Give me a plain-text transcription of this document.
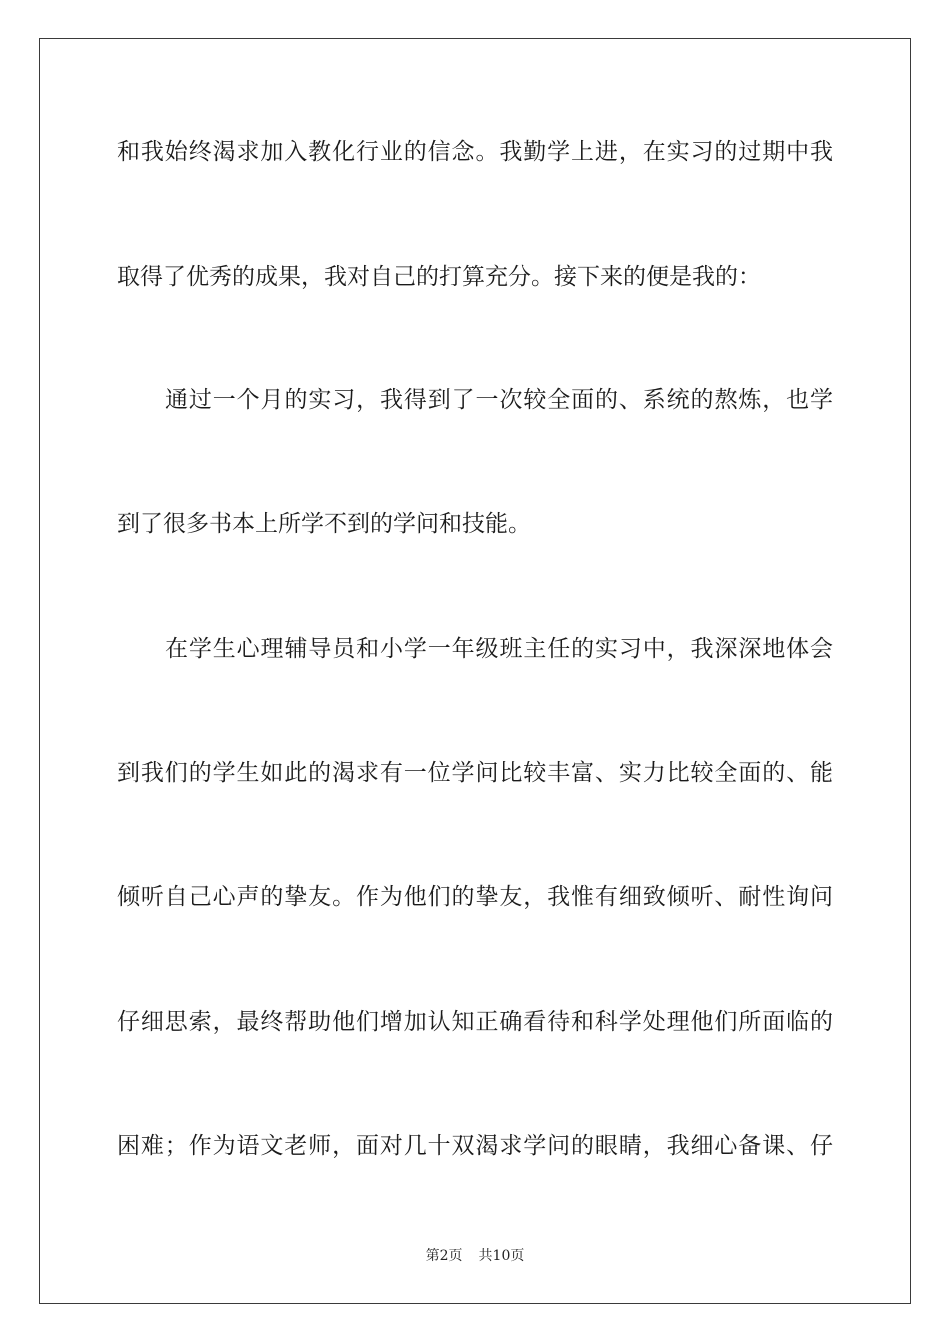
和我始终渴求加入教化行业的信念。我勤学上进，在实习的过期中我
取得了优秀的成果，我对自己的打算充分。接下来的便是我的：
通过一个月的实习，我得到了一次较全面的、系统的熬炼，也学
到了很多书本上所学不到的学问和技能。
在学生心理辅导员和小学一年级班主任的实习中，我深深地体会
到我们的学生如此的渴求有一位学问比较丰富、实力比较全面的、能
倾听自己心声的挚友。作为他们的挚友，我惟有细致倾听、耐性询问
仔细思索，最终帮助他们增加认知正确看待和科学处理他们所面临的
困难；作为语文老师，面对几十双渴求学问的眼睛，我细心备课、仔
第2页 共10页
